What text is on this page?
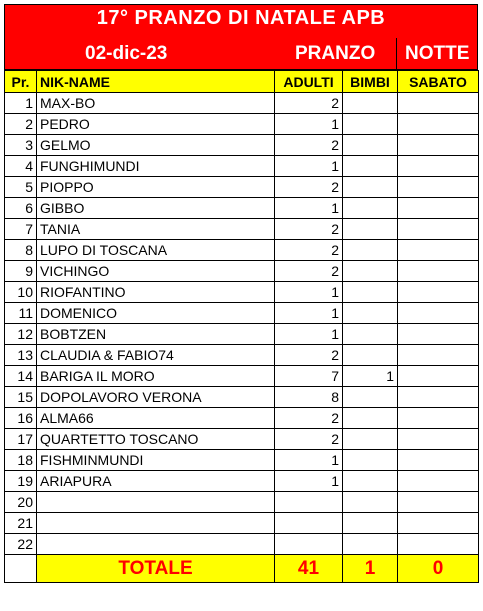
17° PRANZO DI NATALE APB
02-dic-23	PRANZO NOTTE
Pr.	NIK-NAME	ADULTI	BIMBI	SABATO
1	MAX-BO	2		
2	PEDRO	1		
3	GELMO	2		
4	FUNGHIMUNDI	1		
5	PIOPPO	2		
6	GIBBO	1		
7	TANIA	2		
8	LUPO DI TOSCANA	2		
9	VICHINGO	2		
10	RIOFANTINO	1		
11	DOMENICO	1		
12	BOBTZEN	1		
13	CLAUDIA & FABIO74	2		
14	BARIGA IL MORO	7	1	
15	DOPOLAVORO VERONA	8		
16	ALMA66	2		
17	QUARTETTO TOSCANO	2		
18	FISHMINMUNDI	1		
19	ARIAPURA	1		
20				
21				
22				
	TOTALE	41	1	0
